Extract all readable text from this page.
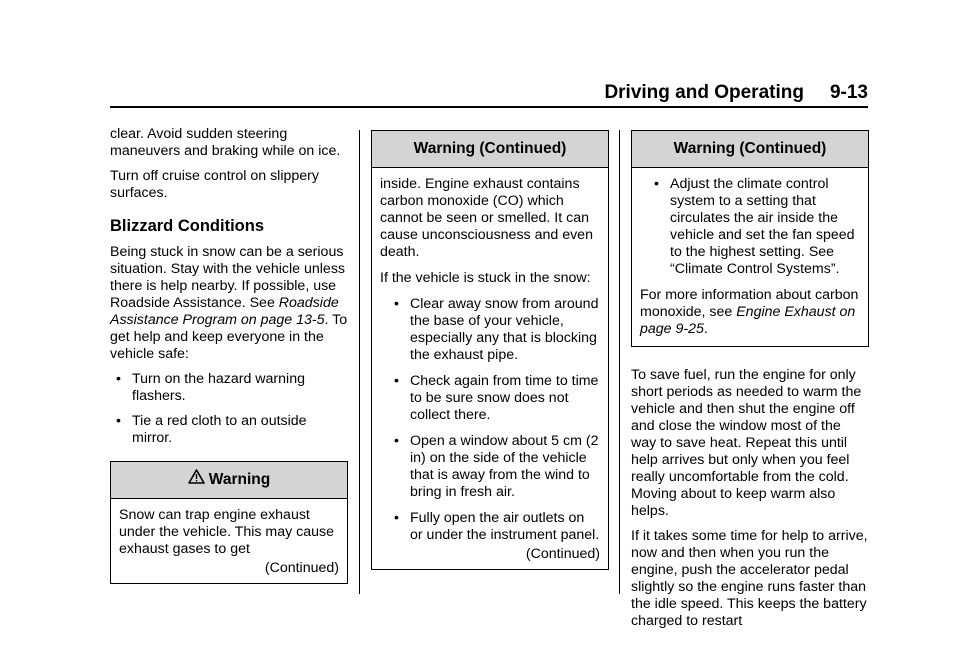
Driving and Operating 9-13

clear. Avoid sudden steering maneuvers and braking while on ice.

Turn off cruise control on slippery surfaces.

Blizzard Conditions

Being stuck in snow can be a serious situation. Stay with the vehicle unless there is help nearby. If possible, use Roadside Assistance. See Roadside Assistance Program on page 13-5. To get help and keep everyone in the vehicle safe:

• Turn on the hazard warning flashers.
• Tie a red cloth to an outside mirror.
Warning

Snow can trap engine exhaust under the vehicle. This may cause exhaust gases to get

(Continued)
Warning (Continued)

inside. Engine exhaust contains carbon monoxide (CO) which cannot be seen or smelled. It can cause unconsciousness and even death.

If the vehicle is stuck in the snow:

• Clear away snow from around the base of your vehicle, especially any that is blocking the exhaust pipe.
• Check again from time to time to be sure snow does not collect there.
• Open a window about 5 cm (2 in) on the side of the vehicle that is away from the wind to bring in fresh air.
• Fully open the air outlets on or under the instrument panel.
(Continued)
Warning (Continued)
• Adjust the climate control system to a setting that circulates the air inside the vehicle and set the fan speed to the highest setting. See “Climate Control Systems”.

For more information about carbon monoxide, see Engine Exhaust on page 9-25.

To save fuel, run the engine for only short periods as needed to warm the vehicle and then shut the engine off and close the window most of the way to save heat. Repeat this until help arrives but only when you feel really uncomfortable from the cold. Moving about to keep warm also helps.

If it takes some time for help to arrive, now and then when you run the engine, push the accelerator pedal slightly so the engine runs faster than the idle speed. This keeps the battery charged to restart
